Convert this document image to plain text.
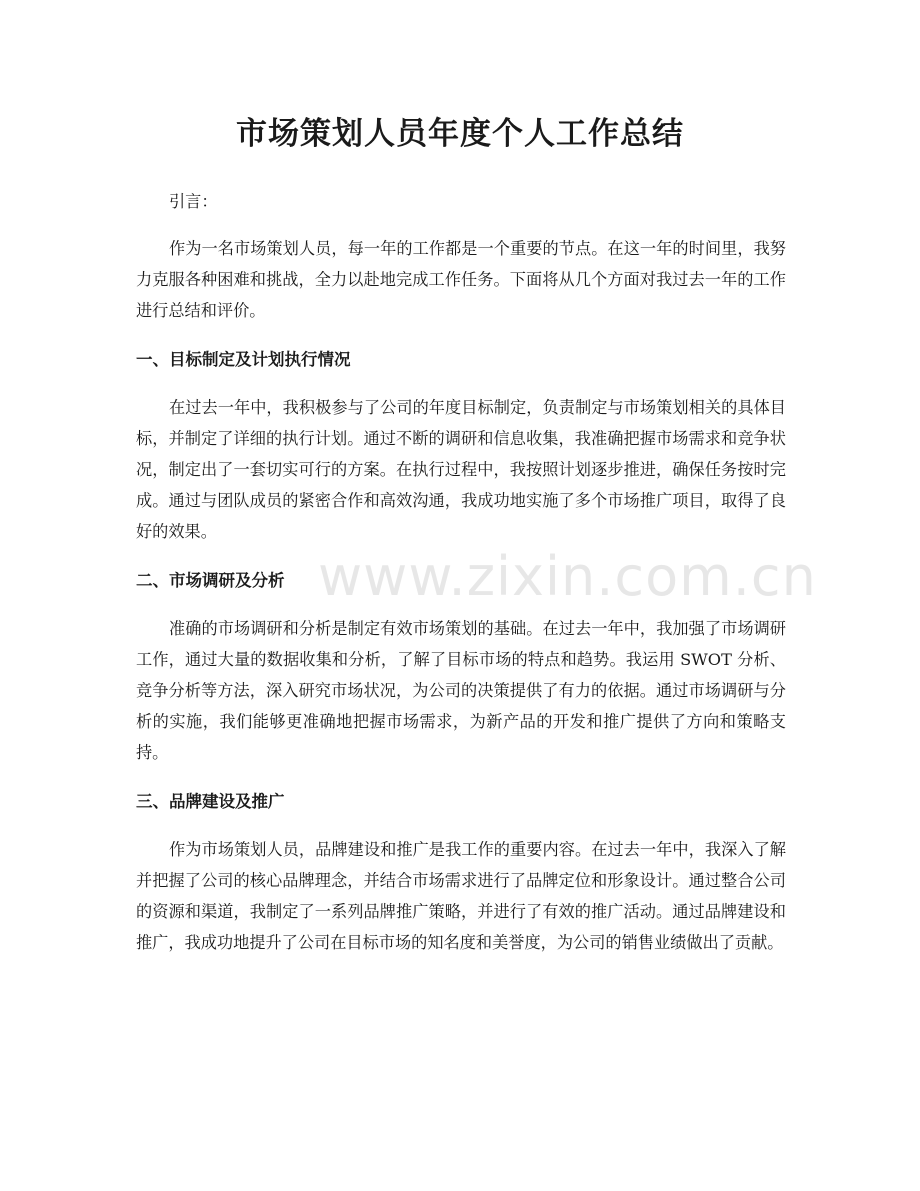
市场策划人员年度个人工作总结

引言：

作为一名市场策划人员，每一年的工作都是一个重要的节点。在这一年的时间里，我努力克服各种困难和挑战，全力以赴地完成工作任务。下面将从几个方面对我过去一年的工作进行总结和评价。

一、目标制定及计划执行情况

在过去一年中，我积极参与了公司的年度目标制定，负责制定与市场策划相关的具体目标，并制定了详细的执行计划。通过不断的调研和信息收集，我准确把握市场需求和竞争状况，制定出了一套切实可行的方案。在执行过程中，我按照计划逐步推进，确保任务按时完成。通过与团队成员的紧密合作和高效沟通，我成功地实施了多个市场推广项目，取得了良好的效果。

二、市场调研及分析

准确的市场调研和分析是制定有效市场策划的基础。在过去一年中，我加强了市场调研工作，通过大量的数据收集和分析，了解了目标市场的特点和趋势。我运用 SWOT 分析、竞争分析等方法，深入研究市场状况，为公司的决策提供了有力的依据。通过市场调研与分析的实施，我们能够更准确地把握市场需求，为新产品的开发和推广提供了方向和策略支持。

三、品牌建设及推广

作为市场策划人员，品牌建设和推广是我工作的重要内容。在过去一年中，我深入了解并把握了公司的核心品牌理念，并结合市场需求进行了品牌定位和形象设计。通过整合公司的资源和渠道，我制定了一系列品牌推广策略，并进行了有效的推广活动。通过品牌建设和推广，我成功地提升了公司在目标市场的知名度和美誉度，为公司的销售业绩做出了贡献。

www.zixin.com.cn
